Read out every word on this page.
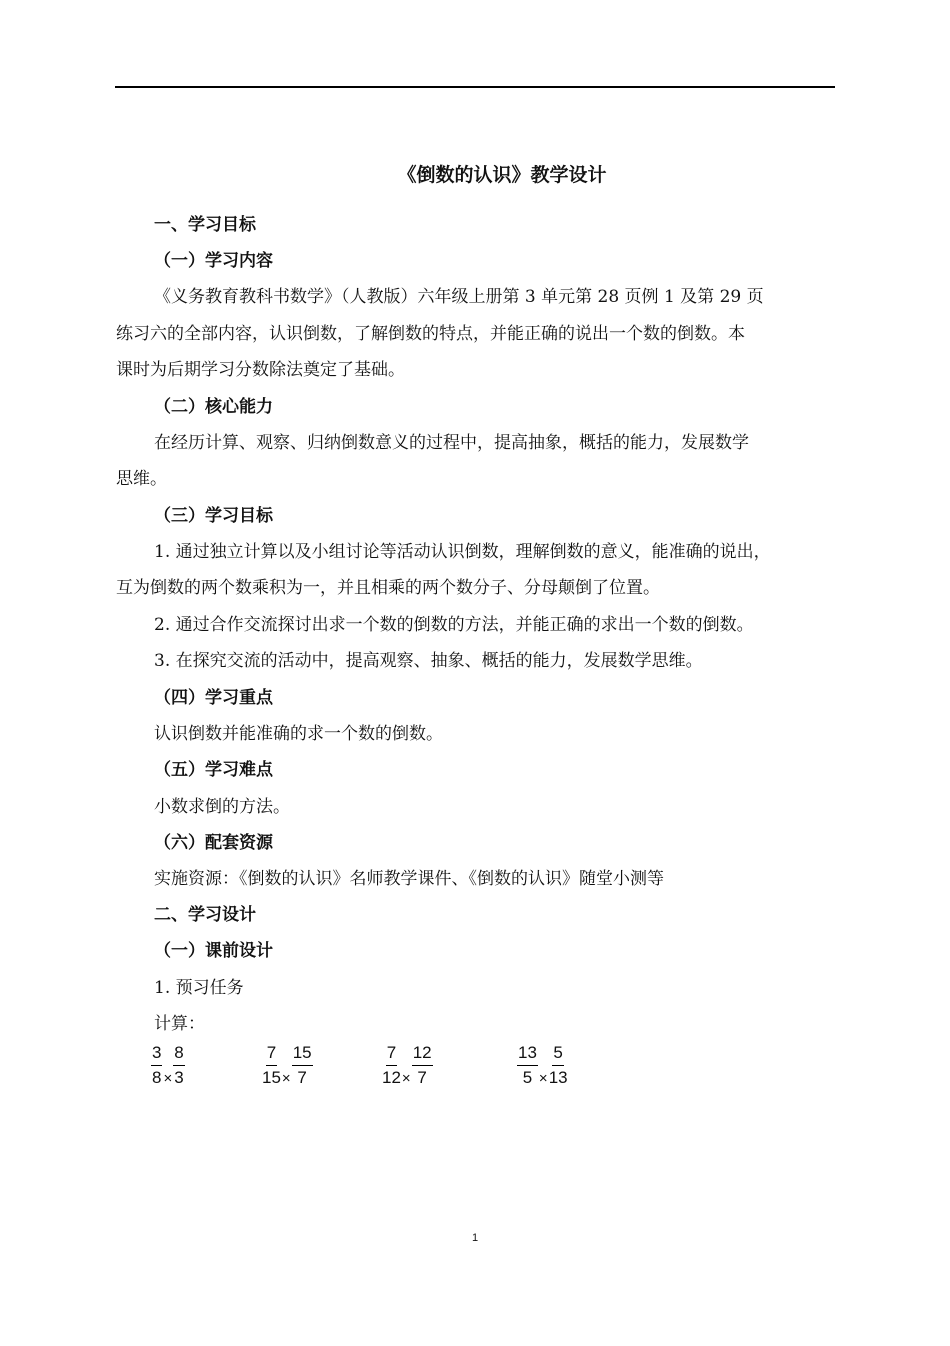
《倒数的认识》教学设计
一、学习目标
（一）学习内容
《义务教育教科书数学》（人教版）六年级上册第 3 单元第 28 页例 1 及第 29 页
练习六的全部内容，认识倒数，了解倒数的特点，并能正确的说出一个数的倒数。本
课时为后期学习分数除法奠定了基础。
（二）核心能力
在经历计算、观察、归纳倒数意义的过程中，提高抽象，概括的能力，发展数学
思维。
（三）学习目标
1. 通过独立计算以及小组讨论等活动认识倒数，理解倒数的意义，能准确的说出，
互为倒数的两个数乘积为一，并且相乘的两个数分子、分母颠倒了位置。
2. 通过合作交流探讨出求一个数的倒数的方法，并能正确的求出一个数的倒数。
3. 在探究交流的活动中，提高观察、抽象、概括的能力，发展数学思维。
（四）学习重点
认识倒数并能准确的求一个数的倒数。
（五）学习难点
小数求倒的方法。
（六）配套资源
实施资源：《倒数的认识》名师教学课件、《倒数的认识》随堂小测等
二、学习设计
（一）课前设计
1. 预习任务
计算：
$\frac{3}{8} \times \frac{8}{3}$	$\frac{7}{15} \times \frac{15}{7}$	$\frac{7}{12} \times \frac{12}{7}$	$\frac{13}{5} \times \frac{5}{13}$
1
